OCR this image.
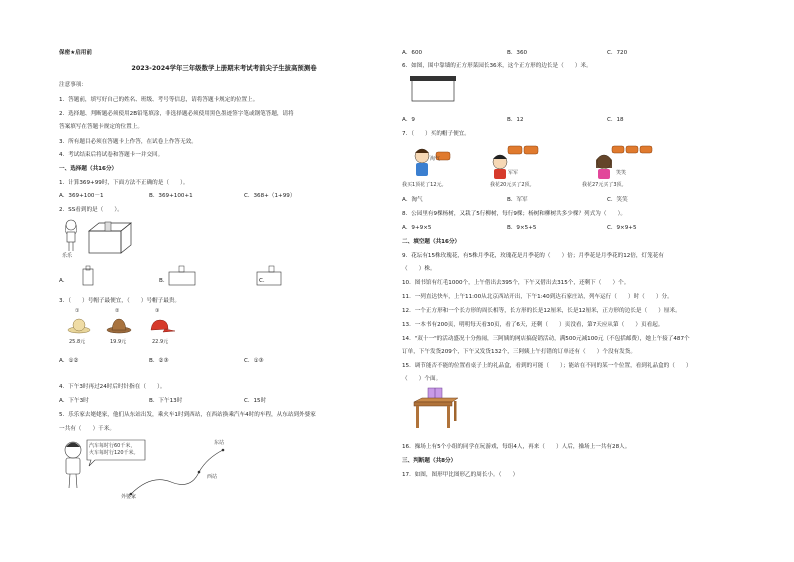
保密★启用前
2023-2024学年三年级数学上册期末考试考前尖子生拔高预测卷
注意事项：
1．答题前，填写好自己的姓名、班级、考号等信息，请将答题卡规定的位置上。
2．选择题、判断题必须使用2B铅笔填涂，非选择题必须使用黑色墨迹签字笔或钢笔答题，请将
答案填写在答题卡规定的位置上。
3．所有题目必须在答题卡上作答，在试卷上作答无效。
4．考试结束后将试卷和答题卡一并交回。
一、选择题（共16分）
1．计算369+99时，下面方法不正确的是（　　）。
A．369+100－1	B．369+100+1	C．368+（1+99）
2．SS看到的是（　　）。
乐乐
A．	B．	C．
3．（　　）号帽子最便宜，（　　）号帽子最贵。
①	②	③
25.8元	19.9元	22.9元
A．①②	B．②③	C．①③
4．下午3时再过24时后时针指在（　　）。
A．下午3时	B．下午13时	C．15时
5．乐乐家去姥姥家，他们从东站出发，乘火车1时到西站，在西站换乘汽车4时的车程，从东站到外婆家
一共有（　　）千米。
汽车每时行60千米，
火车每时行120千米。
东站
西站
外婆家
A．600	B．360	C．720
6．如图，围中靠墙的正方形菜园长36米，这个正方形的边长是（　　）米。
A．9	B．12	C．18
7．（　　）买的帽子便宜。
淘气
军军	笑笑
我买1顶花了12元。	我花20元买了2顶。	我花27元买了3顶。
A．淘气	B．军军	C．笑笑
8．公园里有9棵杨树，又栽了5行柳树，每行9棵；杨树和柳树共多少棵？列式为（　　）。
A．9+9×5	B．9×5+5	C．9×9+5
二、填空题（共16分）
9．花坛有15株玫瑰花，有5株月季花，玫瑰花是月季花的（　　）倍；月季花是月季花的12倍，灯笼花有
（　　）株。
10．图书馆有红毛1000个，上午借出去395个，下午又借出去315个，还剩下（　　）个。
11．一列直达快车，上午11:00从北京西站开出，下午1:40到达石家庄站，列车运行（　　）时（　　）分。
12．一个正方形和一个长方形的周长相等，长方形的长是12厘米，长是12厘米，正方形的边长是（　　）厘米。
13．一本书有200页，明明每天看30页，看了6天，还剩（　　）页没看，第7天应从第（　　）页看起。
14．"双十一"的活动盛况十分热闹，三阿姨的网店搞促销活动，满500元减100元（不包括邮费），她上午接了487个
订单，下午发货209个，下午又发货132个，三阿姨上午打错的订单还有（　　）个没有发货。
15．调节能否不能的位置看桌子上的礼品盒，看到的可能（　　）；能站在不同的某一个位置，看到礼品盒的（　　）
（　　）个面。
16．操场上有5个小组的同学在玩游戏，每组4人，再来（　　）人后，操场上一共有28人。
三、判断题（共8分）
17．如图，图形甲比图形乙的周长小。（　　）
